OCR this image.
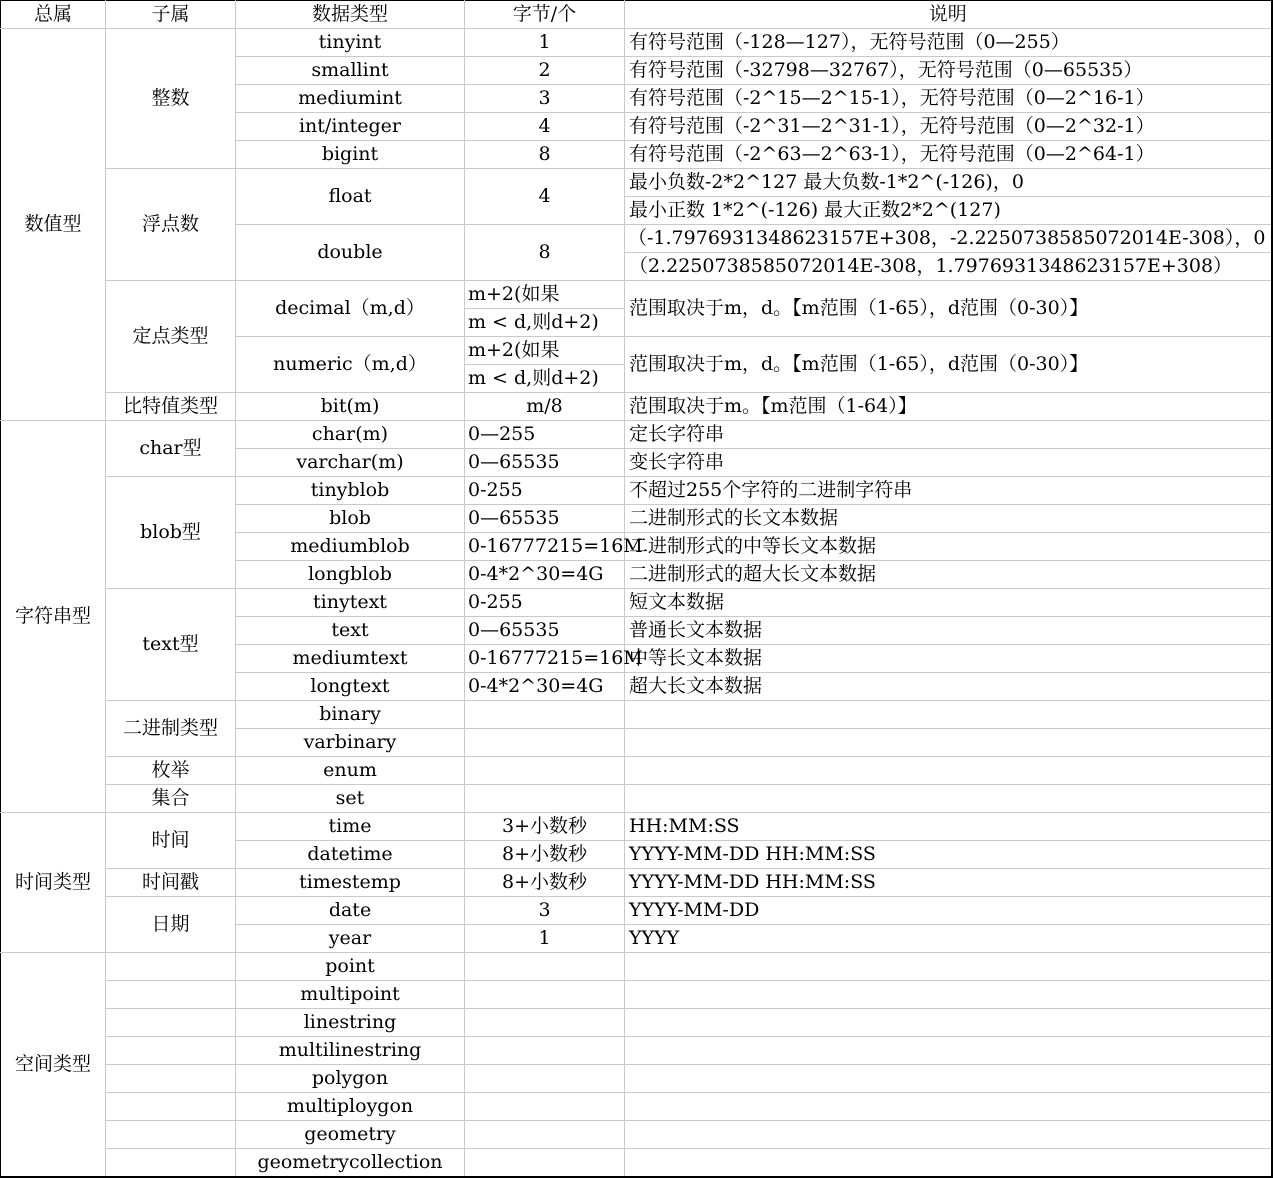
总属	子属	数据类型	字节/个	说明
数值型	整数	tinyint	1	有符号范围（-128—127），无符号范围（0—255）
		smallint	2	有符号范围（-32798—32767），无符号范围（0—65535）
		mediumint	3	有符号范围（-2^15—2^15-1），无符号范围（0—2^16-1）
		int/integer	4	有符号范围（-2^31—2^31-1），无符号范围（0—2^32-1）
		bigint	8	有符号范围（-2^63—2^63-1），无符号范围（0—2^64-1）
	浮点数	float	4	最小负数-2*2^127 最大负数-1*2^(-126)，0
				最小正数 1*2^(-126) 最大正数2*2^(127)
		double	8	（-1.7976931348623157E+308，-2.2250738585072014E-308），0
				（2.2250738585072014E-308，1.7976931348623157E+308）
	定点类型	decimal（m,d）	m+2(如果	范围取决于m，d。【m范围（1-65），d范围（0-30）】
			m < d,则d+2)	
		numeric（m,d）	m+2(如果	范围取决于m，d。【m范围（1-65），d范围（0-30）】
			m < d,则d+2)	
	比特值类型	bit(m)	m/8	范围取决于m。【m范围（1-64）】
字符串型	char型	char(m)	0—255	定长字符串
		varchar(m)	0—65535	变长字符串
	blob型	tinyblob	0-255	不超过255个字符的二进制字符串
		blob	0—65535	二进制形式的长文本数据
		mediumblob	0-16777215=16M	二进制形式的中等长文本数据
		longblob	0-4*2^30=4G	二进制形式的超大长文本数据
	text型	tinytext	0-255	短文本数据
		text	0—65535	普通长文本数据
		mediumtext	0-16777215=16M	中等长文本数据
		longtext	0-4*2^30=4G	超大长文本数据
	二进制类型	binary		
		varbinary		
	枚举	enum		
	集合	set		
时间类型	时间	time	3+小数秒	HH:MM:SS
		datetime	8+小数秒	YYYY-MM-DD HH:MM:SS
	时间戳	timestemp	8+小数秒	YYYY-MM-DD HH:MM:SS
	日期	date	3	YYYY-MM-DD
		year	1	YYYY
空间类型		point		
		multipoint		
		linestring		
		multilinestring		
		polygon		
		multiploygon		
		geometry		
		geometrycollection		
